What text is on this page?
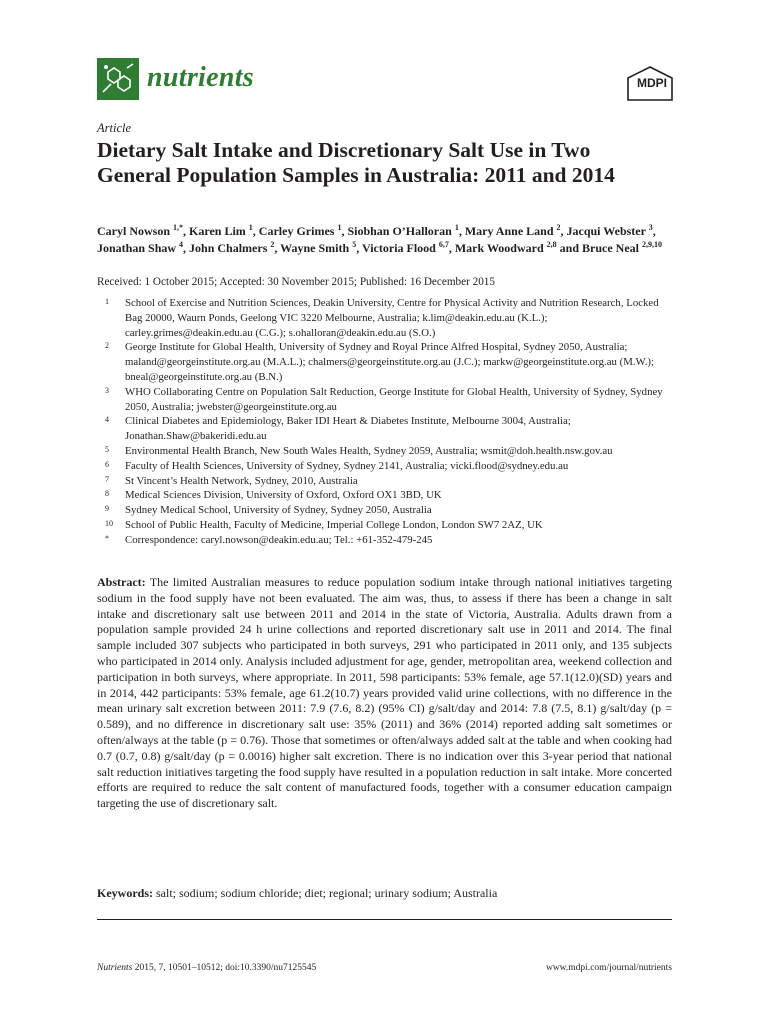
nutrients	MDPI
Article
Dietary Salt Intake and Discretionary Salt Use in Two General Population Samples in Australia: 2011 and 2014
Caryl Nowson $^{1,*}$, Karen Lim $^1$, Carley Grimes $^1$, Siobhan O’Halloran $^1$, Mary Anne Land $^2$, Jacqui Webster $^3$, Jonathan Shaw $^4$, John Chalmers $^2$, Wayne Smith $^5$, Victoria Flood $^{6,7}$, Mark Woodward $^{2,8}$ and Bruce Neal $^{2,9,10}$
Received: 1 October 2015; Accepted: 30 November 2015; Published: 16 December 2015
1	School of Exercise and Nutrition Sciences, Deakin University, Centre for Physical Activity and Nutrition Research, Locked Bag 20000, Waurn Ponds, Geelong VIC 3220 Melbourne, Australia; k.lim@deakin.edu.au (K.L.); carley.grimes@deakin.edu.au (C.G.); s.ohalloran@deakin.edu.au (S.O.)
2	George Institute for Global Health, University of Sydney and Royal Prince Alfred Hospital, Sydney 2050, Australia; maland@georgeinstitute.org.au (M.A.L.); chalmers@georgeinstitute.org.au (J.C.); markw@georgeinstitute.org.au (M.W.); bneal@georgeinstitute.org.au (B.N.)
3	WHO Collaborating Centre on Population Salt Reduction, George Institute for Global Health, University of Sydney, Sydney 2050, Australia; jwebster@georgeinstitute.org.au
4	Clinical Diabetes and Epidemiology, Baker IDI Heart & Diabetes Institute, Melbourne 3004, Australia; Jonathan.Shaw@bakeridi.edu.au
5	Environmental Health Branch, New South Wales Health, Sydney 2059, Australia; wsmit@doh.health.nsw.gov.au
6	Faculty of Health Sciences, University of Sydney, Sydney 2141, Australia; vicki.flood@sydney.edu.au
7	St Vincent’s Health Network, Sydney, 2010, Australia
8	Medical Sciences Division, University of Oxford, Oxford OX1 3BD, UK
9	Sydney Medical School, University of Sydney, Sydney 2050, Australia
10	School of Public Health, Faculty of Medicine, Imperial College London, London SW7 2AZ, UK
*	Correspondence: caryl.nowson@deakin.edu.au; Tel.: +61-352-479-245

Abstract: The limited Australian measures to reduce population sodium intake through national initiatives targeting sodium in the food supply have not been evaluated. The aim was, thus, to assess if there has been a change in salt intake and discretionary salt use between 2011 and 2014 in the state of Victoria, Australia. Adults drawn from a population sample provided 24 h urine collections and reported discretionary salt use in 2011 and 2014. The final sample included 307 subjects who participated in both surveys, 291 who participated in 2011 only, and 135 subjects who participated in 2014 only. Analysis included adjustment for age, gender, metropolitan area, weekend collection and participation in both surveys, where appropriate. In 2011, 598 participants: 53% female, age 57.1(12.0)(SD) years and in 2014, 442 participants: 53% female, age 61.2(10.7) years provided valid urine collections, with no difference in the mean urinary salt excretion between 2011: 7.9 (7.6, 8.2) (95% CI) g/salt/day and 2014: 7.8 (7.5, 8.1) g/salt/day (p = 0.589), and no difference in discretionary salt use: 35% (2011) and 36% (2014) reported adding salt sometimes or often/always at the table (p = 0.76). Those that sometimes or often/always added salt at the table and when cooking had 0.7 (0.7, 0.8) g/salt/day (p = 0.0016) higher salt excretion. There is no indication over this 3-year period that national salt reduction initiatives targeting the food supply have resulted in a population reduction in salt intake. More concerted efforts are required to reduce the salt content of manufactured foods, together with a consumer education campaign targeting the use of discretionary salt.

Keywords: salt; sodium; sodium chloride; diet; regional; urinary sodium; Australia
Nutrients 2015, 7, 10501–10512; doi:10.3390/nu7125545	www.mdpi.com/journal/nutrients
